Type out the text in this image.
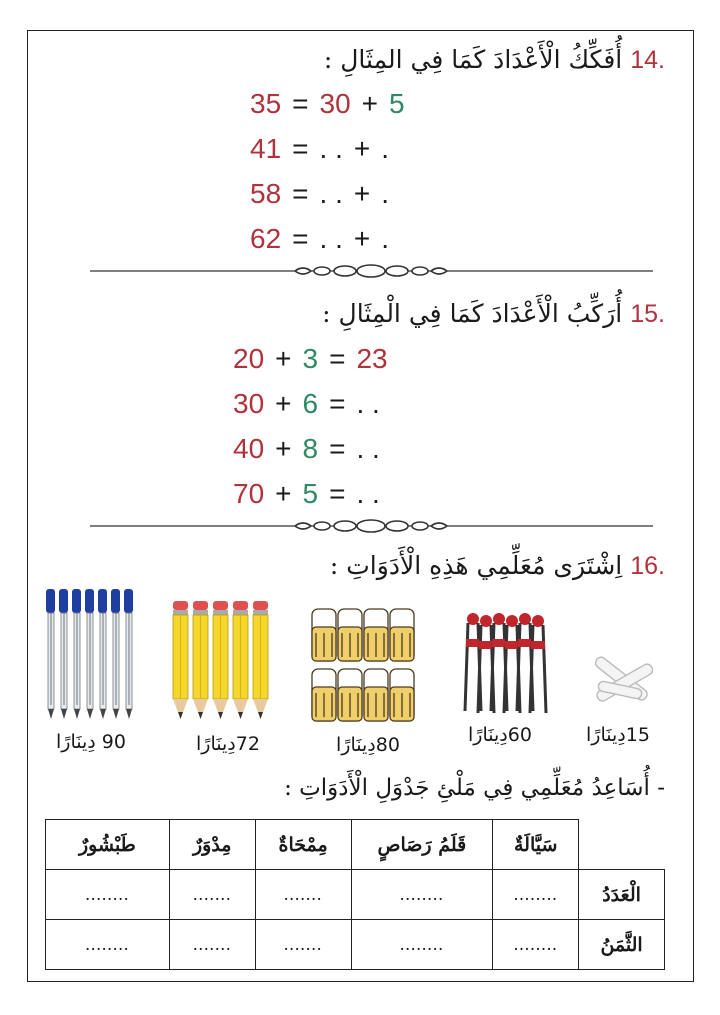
14.
أُفَكِّكُ الْأَعْدَادَ كَمَا فِي المِثَالِ :
35 = 30 + 5
41 = . . + .
58 = . . + .
62 = . . + .
15.
أُرَكِّبُ الْأَعْدَادَ كَمَا فِي الْمِثَالِ :
20 + 3 = 23
30 + 6 = . .
40 + 8 = . .
70 + 5 = . .
16.
اِشْتَرَى مُعَلِّمِي هَذِهِ الْأَدَوَاتِ :
90 دِينَارًا	72دِينَارًا	80دِينَارًا	60دِينَارًا	15دِينَارًا
- أُسَاعِدُ مُعَلِّمِي فِي مَلْئِ جَدْوَلِ الْأَدَوَاتِ :
	سَيَّالَةٌ	قَلَمُ رَصَاصٍ	مِمْحَاةٌ	مِدْوَرٌ	طَبْشُورٌ
الْعَدَدُ	........	........	.......	.......	........
الثَّمَنُ	........	........	.......	.......	........
